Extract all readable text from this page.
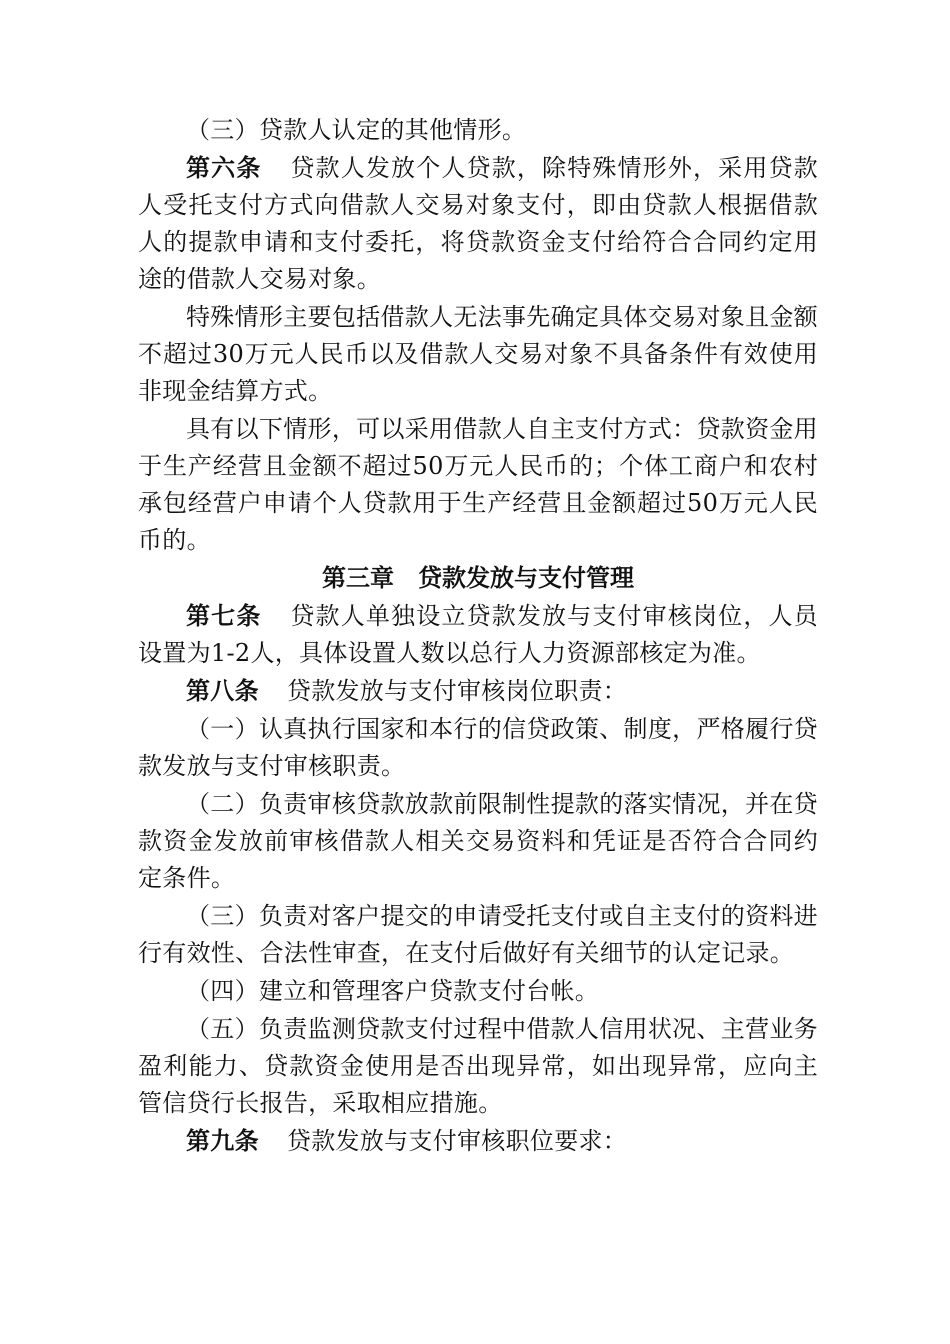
（三）贷款人认定的其他情形。

第六条 贷款人发放个人贷款，除特殊情形外，采用贷款人受托支付方式向借款人交易对象支付，即由贷款人根据借款人的提款申请和支付委托，将贷款资金支付给符合合同约定用途的借款人交易对象。

特殊情形主要包括借款人无法事先确定具体交易对象且金额不超过30万元人民币以及借款人交易对象不具备条件有效使用非现金结算方式。

具有以下情形，可以采用借款人自主支付方式：贷款资金用于生产经营且金额不超过50万元人民币的；个体工商户和农村承包经营户申请个人贷款用于生产经营且金额超过50万元人民币的。

第三章　贷款发放与支付管理

第七条 贷款人单独设立贷款发放与支付审核岗位，人员设置为1-2人，具体设置人数以总行人力资源部核定为准。

第八条 贷款发放与支付审核岗位职责：

（一）认真执行国家和本行的信贷政策、制度，严格履行贷款发放与支付审核职责。

（二）负责审核贷款放款前限制性提款的落实情况，并在贷款资金发放前审核借款人相关交易资料和凭证是否符合合同约定条件。

（三）负责对客户提交的申请受托支付或自主支付的资料进行有效性、合法性审查，在支付后做好有关细节的认定记录。

（四）建立和管理客户贷款支付台帐。

（五）负责监测贷款支付过程中借款人信用状况、主营业务盈利能力、贷款资金使用是否出现异常，如出现异常，应向主管信贷行长报告，采取相应措施。

第九条 贷款发放与支付审核职位要求：
